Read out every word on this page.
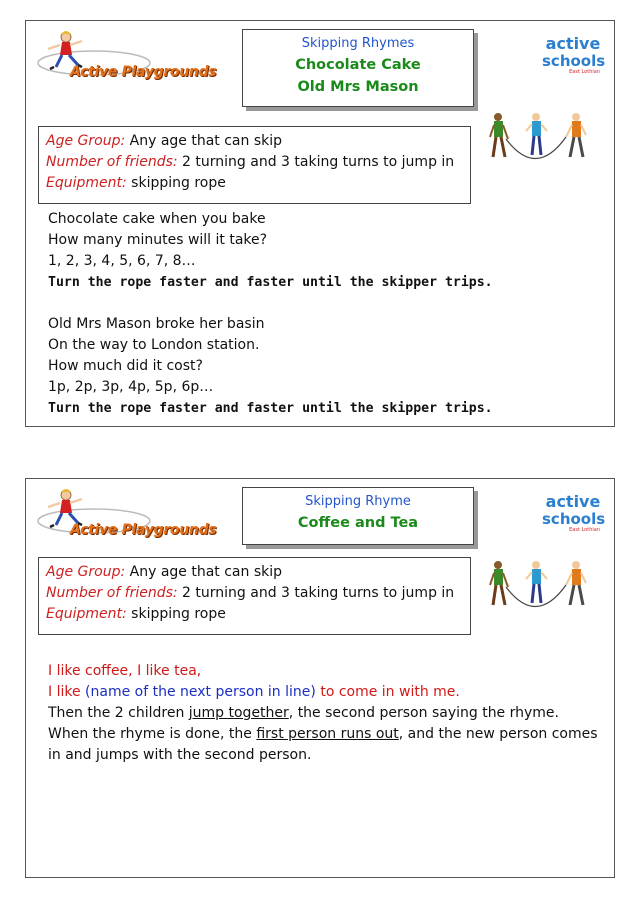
Active Playgrounds
Skipping Rhymes
Chocolate Cake
Old Mrs Mason
active
schools
East Lothian
Age Group: Any age that can skip
Number of friends: 2 turning and 3 taking turns to jump in
Equipment: skipping rope
Chocolate cake when you bake
How many minutes will it take?
1, 2, 3, 4, 5, 6, 7, 8…
Turn the rope faster and faster until the skipper trips.
Old Mrs Mason broke her basin
On the way to London station.
How much did it cost?
1p, 2p, 3p, 4p, 5p, 6p…
Turn the rope faster and faster until the skipper trips.
Active Playgrounds
Skipping Rhyme
Coffee and Tea
active
schools
East Lothian
Age Group: Any age that can skip
Number of friends: 2 turning and 3 taking turns to jump in
Equipment: skipping rope
I like coffee, I like tea,
I like (name of the next person in line) to come in with me.
Then the 2 children jump together, the second person saying the rhyme.
When the rhyme is done, the first person runs out, and the new person comes
in and jumps with the second person.
